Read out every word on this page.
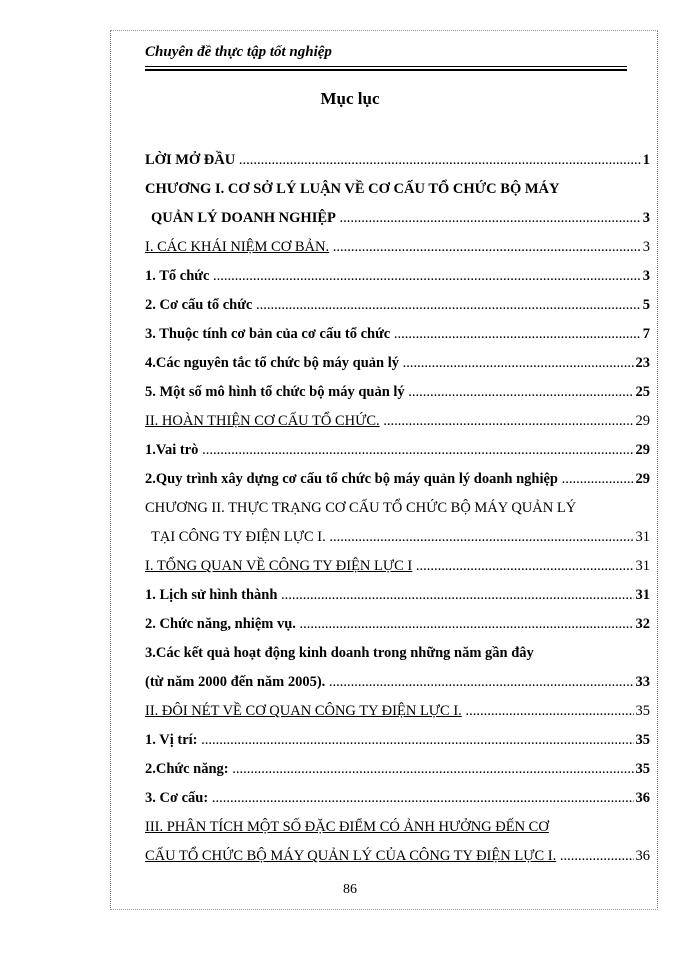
Chuyên đề thực tập tốt nghiệp
Mục lục
LỜI MỞ ĐẦU .....	1
CHƯƠNG I. CƠ SỞ LÝ LUẬN VỀ CƠ CẤU TỔ CHỨC BỘ MÁY
QUẢN LÝ DOANH NGHIỆP .....	3
I. CÁC KHÁI NIỆM CƠ BẢN. .....	3
1. Tổ chức .....	3
2. Cơ cấu tổ chức .....	5
3. Thuộc tính cơ bản của cơ cấu tổ chức .....	7
4.Các nguyên tắc tổ chức bộ máy quản lý .....	23
5. Một số mô hình tổ chức bộ máy quản lý .....	25
II. HOÀN THIỆN CƠ CẤU TỔ CHỨC. .....	29
1.Vai trò .....	29
2.Quy trình xây dựng cơ cấu tổ chức bộ máy quản lý doanh nghiệp .....	29
CHƯƠNG II. THỰC TRẠNG CƠ CẤU TỔ CHỨC BỘ MÁY QUẢN LÝ
TẠI CÔNG TY ĐIỆN LỰC I. .....	31
I. TỔNG QUAN VỀ CÔNG TY ĐIỆN LỰC I .....	31
1. Lịch sử hình thành .....	31
2. Chức năng, nhiệm vụ. .....	32
3.Các kết quả hoạt động kinh doanh trong những năm gần đây
(từ năm 2000 đến năm 2005). .....	33
II. ĐÔI NÉT VỀ CƠ QUAN CÔNG TY ĐIỆN LỰC I. .....	35
1. Vị trí: .....	35
2.Chức năng: .....	35
3. Cơ cấu: .....	36
III. PHÂN TÍCH MỘT SỐ ĐẶC ĐIỂM CÓ ẢNH HƯỞNG ĐẾN CƠ
CẤU TỔ CHỨC BỘ MÁY QUẢN LÝ CỦA CÔNG TY ĐIỆN LỰC I. .....	36
86
